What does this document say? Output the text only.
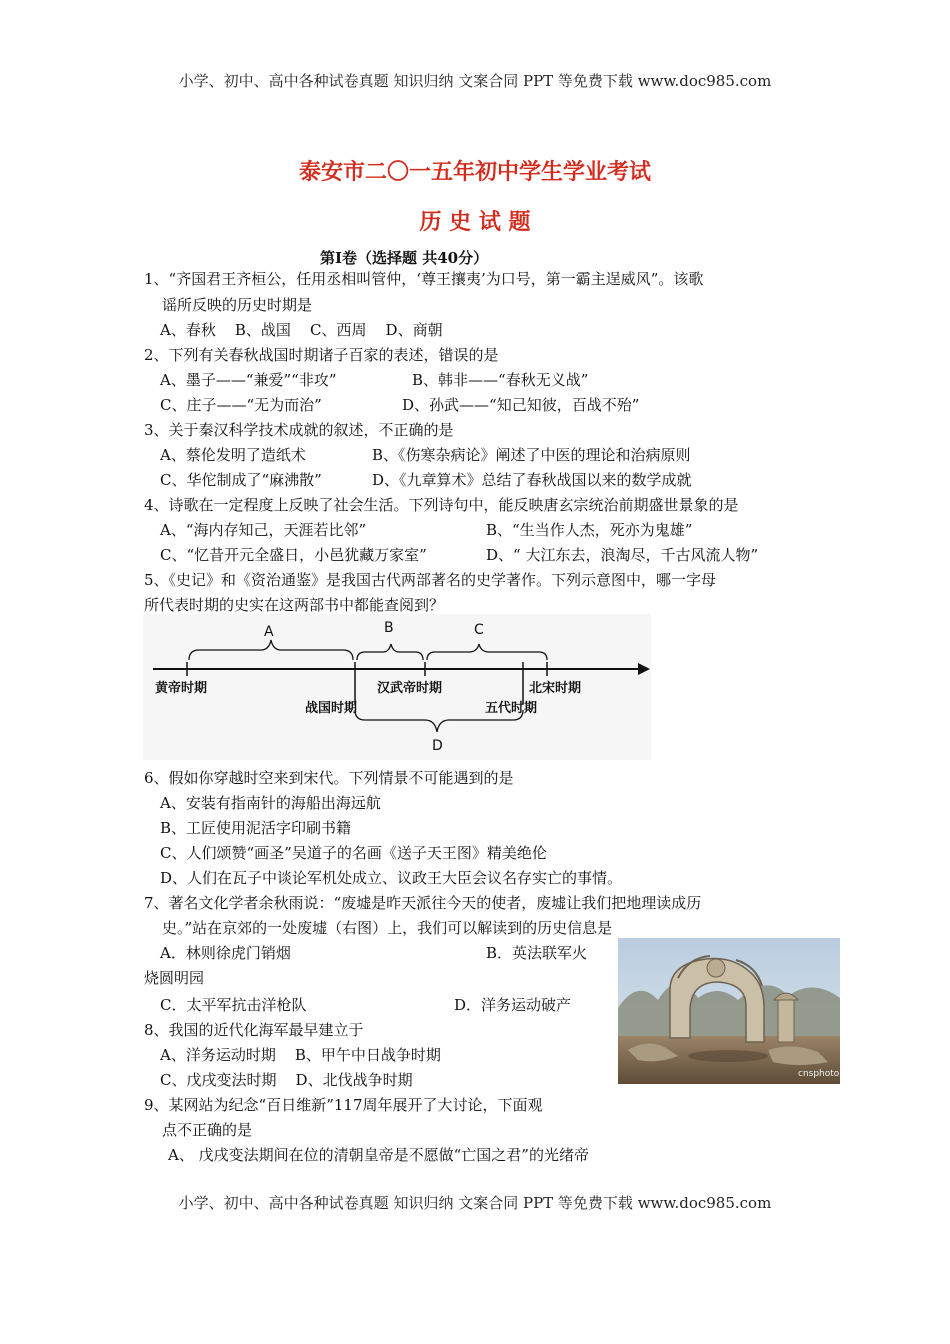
小学、初中、高中各种试卷真题 知识归纳 文案合同 PPT 等免费下载 www.doc985.com
泰安市二〇一五年初中学生学业考试
历 史 试 题
第Ⅰ卷（选择题 共40分）
1、“齐国君王齐桓公，任用丞相叫管仲，‘尊王攘夷’为口号，第一霸主逞威风”。该歌
谣所反映的历史时期是
A、春秋    B、战国    C、西周    D、商朝
2、下列有关春秋战国时期诸子百家的表述，错误的是
A、墨子——“兼爱”“非攻”	B、韩非——“春秋无义战”
C、庄子——“无为而治”	D、孙武——“知己知彼，百战不殆”
3、关于秦汉科学技术成就的叙述，不正确的是
A、蔡伦发明了造纸术	B、《伤寒杂病论》阐述了中医的理论和治病原则
C、华佗制成了“麻沸散”	D、《九章算术》总结了春秋战国以来的数学成就
4、诗歌在一定程度上反映了社会生活。下列诗句中，能反映唐玄宗统治前期盛世景象的是
A、“海内存知己，天涯若比邻”	B、“生当作人杰，死亦为鬼雄”
C、“忆昔开元全盛日，小邑犹藏万家室”	D、“ 大江东去，浪淘尽，千古风流人物”
5、《史记》和《资治通鉴》是我国古代两部著名的史学著作。下列示意图中，哪一字母
所代表时期的史实在这两部书中都能查阅到？
A	B	C
D
黄帝时期
战国时期
汉武帝时期
五代时期
北宋时期
6、假如你穿越时空来到宋代。下列情景不可能遇到的是
A、安装有指南针的海船出海远航
B、工匠使用泥活字印刷书籍
C、人们颂赞“画圣”吴道子的名画《送子天王图》精美绝伦
D、人们在瓦子中谈论军机处成立、议政王大臣会议名存实亡的事情。
7、著名文化学者余秋雨说：“废墟是昨天派往今天的使者，废墟让我们把地理读成历
史。”站在京郊的一处废墟（右图）上，我们可以解读到的历史信息是
A．林则徐虎门销烟	B．英法联军火
烧圆明园
C．太平军抗击洋枪队	D．洋务运动破产
cnsphoto
8、我国的近代化海军最早建立于
A、洋务运动时期    B、甲午中日战争时期
C、戊戌变法时期    D、北伐战争时期
9、某网站为纪念“百日维新”117周年展开了大讨论，下面观
点不正确的是
A、 戊戌变法期间在位的清朝皇帝是不愿做“亡国之君”的光绪帝
小学、初中、高中各种试卷真题 知识归纳 文案合同 PPT 等免费下载 www.doc985.com
